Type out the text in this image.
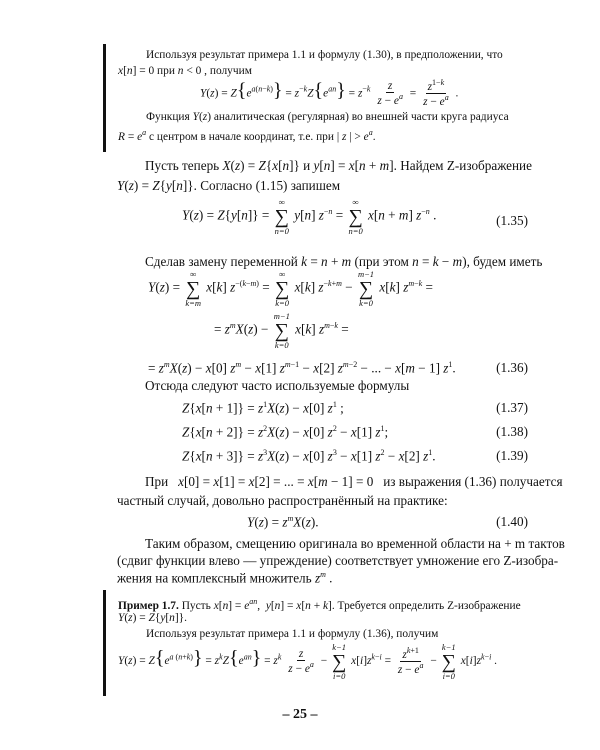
Используя результат примера 1.1 и формулу (1.30), в предположении, что
x[n] = 0 при n < 0 , получим
$Y(z) = Z\{e^{a(n-k)}\} = z^{-k}Z\{e^{an}\} = z^{-k} \frac{z}{z - e^a} = \frac{z^{1-k}}{z - e^a}$ .
Функция Y(z) аналитическая (регулярная) во внешней части круга радиуса
$R = e^a$ с центром в начале координат, т.е. при | z | > $e^a$.
Пусть теперь X(z) = Z{x[n]} и y[n] = x[n + m]. Найдем Z-изображение
Y(z) = Z{y[n]}. Согласно (1.15) запишем
Y(z) = Z{y[n]} =
∞
∑
n=0
y[n] $z^{-n}$ =
∞
∑
n=0
x[n + m] $z^{-n}$ .	(1.35)
Сделав замену переменной k = n + m (при этом n = k − m), будем иметь
Y(z) =
∞
∑
k=m
x[k] $z^{-(k-m)}$ =
∞
∑
k=0
x[k] $z^{-k+m}$ −
m−1
∑
k=0
x[k] $z^{m-k}$ =
= $z^mX(z)$ −
m−1
∑
k=0
x[k] $z^{m-k}$ =
= $z^mX(z) - x[0] z^m - x[1] z^{m-1} - x[2] z^{m-2}$ − ... − x[m − 1] $z^1$.	(1.36)
Отсюда следуют часто используемые формулы
$Z\{x[n + 1]\} = z^1X(z) - x[0]$ $z^1$ ;	(1.37)
$Z\{x[n + 2]\} = z^2X(z) - x[0] z^2 - x[1]$ $z^1$;	(1.38)
$Z\{x[n + 3]\} = z^3X(z) - x[0] z^3 - x[1] z^2 - x[2]$ $z^1$.	(1.39)
При x[0] = x[1] = x[2] = ... = x[m − 1] = 0   из выражения (1.36) получается
частный случай, довольно распространённый на практике:
$Y(z) = z^mX(z)$.	(1.40)
Таким образом, смещению оригинала во временной области на + m тактов
(сдвиг функции влево — упреждение) соответствует умножение его Z-изобра-
жения на комплексный множитель $z^m$ .
Пример 1.7. Пусть $x[n] = e^{an}$,  y[n] = x[n + k]. Требуется определить Z-изображение
Y(z) = Z{y[n]}.
Используя результат примера 1.1 и формулу (1.36), получим
$Y(z) = Z\{e^{a (n+k)}\} = z^kZ\{e^{an}\} = z^k \frac{z}{z - e^a}$ −
k−1
∑
i=0
$x[i]z^{k-i} = \frac{z^{k+1}}{z - e^a}$ −
k−1
∑
i=0
$x[i]z^{k-i}$ .
– 25 –
